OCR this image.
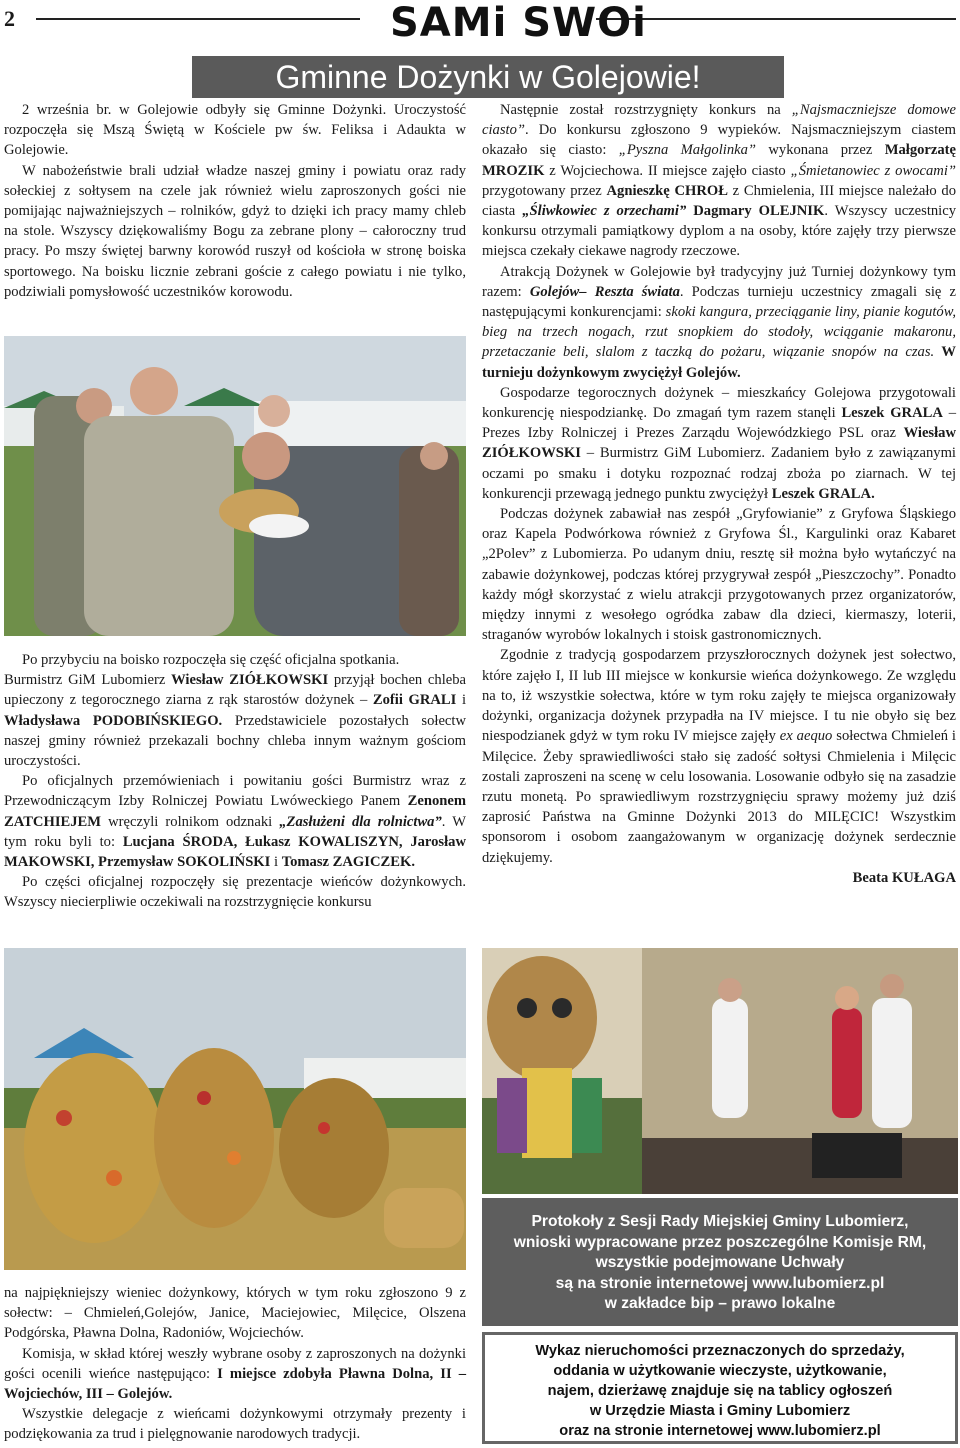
2	SAMi SWOi
Gminne Dożynki w Golejowie!

2 września br. w Golejowie odbyły się Gminne Dożynki. Uroczystość rozpoczęła się Mszą Świętą w Kościele pw św. Feliksa i Adaukta w Golejowie.

W nabożeństwie brali udział władze naszej gminy i powiatu oraz rady sołeckiej z sołtysem na czele jak również wielu zaproszonych gości nie pomijając najważniejszych – rolników, gdyż to dzięki ich pracy mamy chleb na stole. Wszyscy dziękowaliśmy Bogu za zebrane plony – całoroczny trud pracy. Po mszy świętej barwny korowód ruszył od kościoła w stronę boiska sportowego. Na boisku licznie zebrani goście z całego powiatu i nie tylko, podziwiali pomysłowość uczestników korowodu.

Po przybyciu na boisko rozpoczęła się część oficjalna spotkania.

Burmistrz GiM Lubomierz Wiesław ZIÓŁKOWSKI przyjął bochen chleba upieczony z tegorocznego ziarna z rąk starostów dożynek – Zofii GRALI i Władysława PODOBIŃSKIEGO. Przedstawiciele pozostałych sołectw naszej gminy również przekazali bochny chleba innym ważnym gościom uroczystości.

Po oficjalnych przemówieniach i powitaniu gości Burmistrz wraz z Przewodniczącym Izby Rolniczej Powiatu Lwóweckiego Panem Zenonem ZATCHIEJEM wręczyli rolnikom odznaki „Zasłużeni dla rolnictwa”. W tym roku byli to: Lucjana ŚRODA, Łukasz KOWALISZYN, Jarosław MAKOWSKI, Przemysław SOKOLIŃSKI i Tomasz ZAGICZEK.

Po części oficjalnej rozpoczęły się prezentacje wieńców dożynkowych. Wszyscy niecierpliwie oczekiwali na rozstrzygnięcie konkursu

Następnie został rozstrzygnięty konkurs na „Najsmaczniejsze domowe ciasto”. Do konkursu zgłoszono 9 wypieków. Najsmaczniejszym ciastem okazało się ciasto: „Pyszna Małgolinka” wykonana przez Małgorzatę MROZIK z Wojciechowa. II miejsce zajęło ciasto „Śmietanowiec z owocami” przygotowany przez Agnieszkę CHROŁ z Chmielenia, III miejsce należało do ciasta „Śliwkowiec z orzechami” Dagmary OLEJNIK. Wszyscy uczestnicy konkursu otrzymali pamiątkowy dyplom a na osoby, które zajęły trzy pierwsze miejsca czekały ciekawe nagrody rzeczowe.

Atrakcją Dożynek w Golejowie był tradycyjny już Turniej dożynkowy tym razem: Golejów– Reszta świata. Podczas turnieju uczestnicy zmagali się z następującymi konkurencjami: skoki kangura, przeciąganie liny, pianie kogutów, bieg na trzech nogach, rzut snopkiem do stodoły, wciąganie makaronu, przetaczanie beli, slalom z taczką do pożaru, wiązanie snopów na czas. W turnieju dożynkowym zwyciężył Golejów.

Gospodarze tegorocznych dożynek – mieszkańcy Golejowa przygotowali konkurencję niespodziankę. Do zmagań tym razem stanęli Leszek GRALA – Prezes Izby Rolniczej i Prezes Zarządu Wojewódzkiego PSL oraz Wiesław ZIÓŁKOWSKI – Burmistrz GiM Lubomierz. Zadaniem było z zawiązanymi oczami po smaku i dotyku rozpoznać rodzaj zboża po ziarnach. W tej konkurencji przewagą jednego punktu zwyciężył Leszek GRALA.

Podczas dożynek zabawiał nas zespół „Gryfowianie” z Gryfowa Śląskiego oraz Kapela Podwórkowa również z Gryfowa Śl., Kargulinki oraz Kabaret „2Polev” z Lubomierza. Po udanym dniu, resztę sił można było wytańczyć na zabawie dożynkowej, podczas której przygrywał zespół „Pieszczochy”. Ponadto każdy mógł skorzystać z wielu atrakcji przygotowanych przez organizatorów, między innymi z wesołego ogródka zabaw dla dzieci, kiermaszy, loterii, straganów wyrobów lokalnych i stoisk gastronomicznych.

Zgodnie z tradycją gospodarzem przyszłorocznych dożynek jest sołectwo, które zajęło I, II lub III miejsce w konkursie wieńca dożynkowego. Ze względu na to, iż wszystkie sołectwa, które w tym roku zajęły te miejsca organizowały dożynki, organizacja dożynek przypadła na IV miejsce. I tu nie obyło się bez niespodzianek gdyż w tym roku IV miejsce zajęły ex aequo sołectwa Chmieleń i Milęcice. Żeby sprawiedliwości stało się zadość sołtysi Chmielenia i Milęcic zostali zaproszeni na scenę w celu losowania. Losowanie odbyło się na zasadzie rzutu monetą. Po sprawiedliwym rozstrzygnięciu sprawy możemy już dziś zaprosić Państwa na Gminne Dożynki 2013 do MILĘCIC! Wszystkim sponsorom i osobom zaangażowanym w organizację dożynek serdecznie dziękujemy.

Beata KUŁAGA

na najpiękniejszy wieniec dożynkowy, których w tym roku zgłoszono 9 z sołectw: – Chmieleń,Golejów, Janice, Maciejowiec, Milęcice, Olszena Podgórska, Pławna Dolna, Radoniów, Wojciechów.

Komisja, w skład której weszły wybrane osoby z zaproszonych na dożynki gości ocenili wieńce następująco: I miejsce zdobyła Pławna Dolna, II – Wojciechów, III – Golejów.

Wszystkie delegacje z wieńcami dożynkowymi otrzymały prezenty i podziękowania za trud i pielęgnowanie narodowych tradycji.

Protokoły z Sesji Rady Miejskiej Gminy Lubomierz,
wnioski wypracowane przez poszczególne Komisje RM,
wszystkie podejmowane Uchwały
są na stronie internetowej www.lubomierz.pl
w zakładce bip – prawo lokalne
Wykaz nieruchomości przeznaczonych do sprzedaży,
oddania w użytkowanie wieczyste, użytkowanie,
najem, dzierżawę znajduje się na tablicy ogłoszeń
w Urzędzie Miasta i Gminy Lubomierz
oraz na stronie internetowej www.lubomierz.pl
